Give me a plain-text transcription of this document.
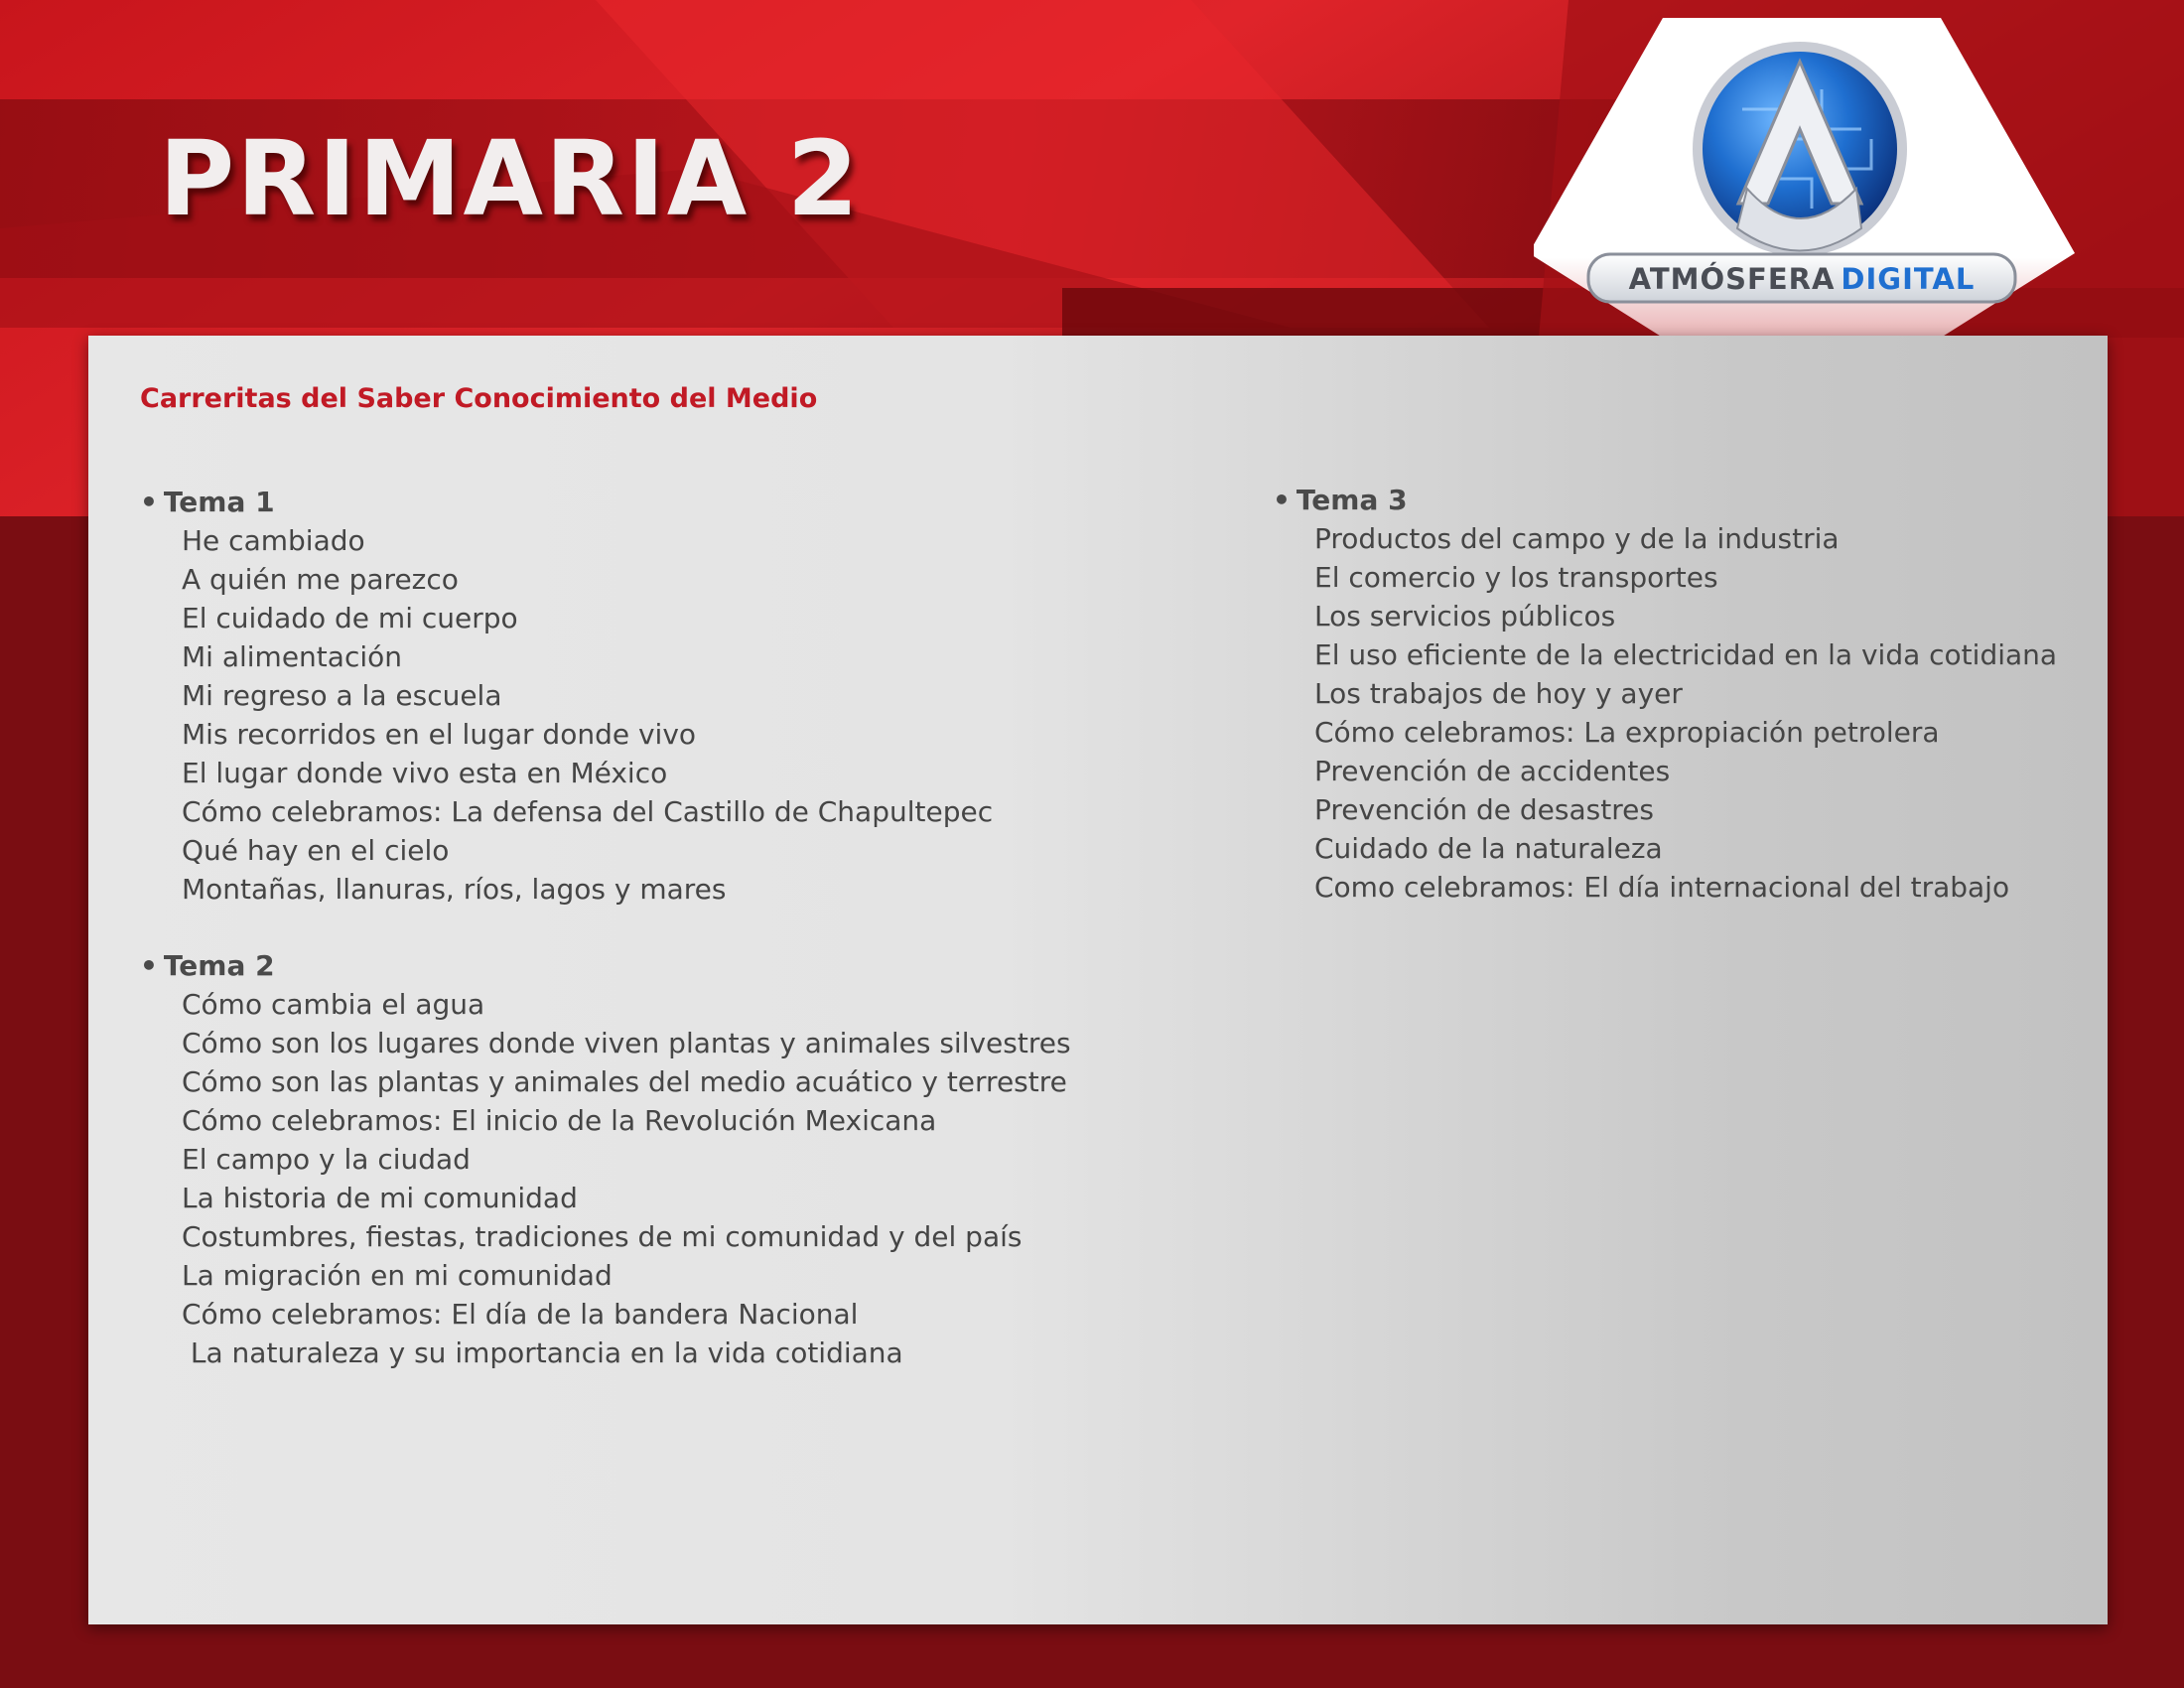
PRIMARIA 2
ATMÓSFERA DIGITAL
Carreritas del Saber Conocimiento del Medio
• Tema 1
He cambiado
A quién me parezco
El cuidado de mi cuerpo
Mi alimentación
Mi regreso a la escuela
Mis recorridos en el lugar donde vivo
El lugar donde vivo esta en México
Cómo celebramos: La defensa del Castillo de Chapultepec
Qué hay en el cielo
Montañas, llanuras, ríos, lagos y mares
• Tema 2
Cómo cambia el agua
Cómo son los lugares donde viven plantas y animales silvestres
Cómo son las plantas y animales del medio acuático y terrestre
Cómo celebramos: El inicio de la Revolución Mexicana
El campo y la ciudad
La historia de mi comunidad
Costumbres, fiestas, tradiciones de mi comunidad y del país
La migración en mi comunidad
Cómo celebramos: El día de la bandera Nacional
La naturaleza y su importancia en la vida cotidiana
• Tema 3
Productos del campo y de la industria
El comercio y los transportes
Los servicios públicos
El uso eficiente de la electricidad en la vida cotidiana
Los trabajos de hoy y ayer
Cómo celebramos: La expropiación petrolera
Prevención de accidentes
Prevención de desastres
Cuidado de la naturaleza
Como celebramos: El día internacional del trabajo
